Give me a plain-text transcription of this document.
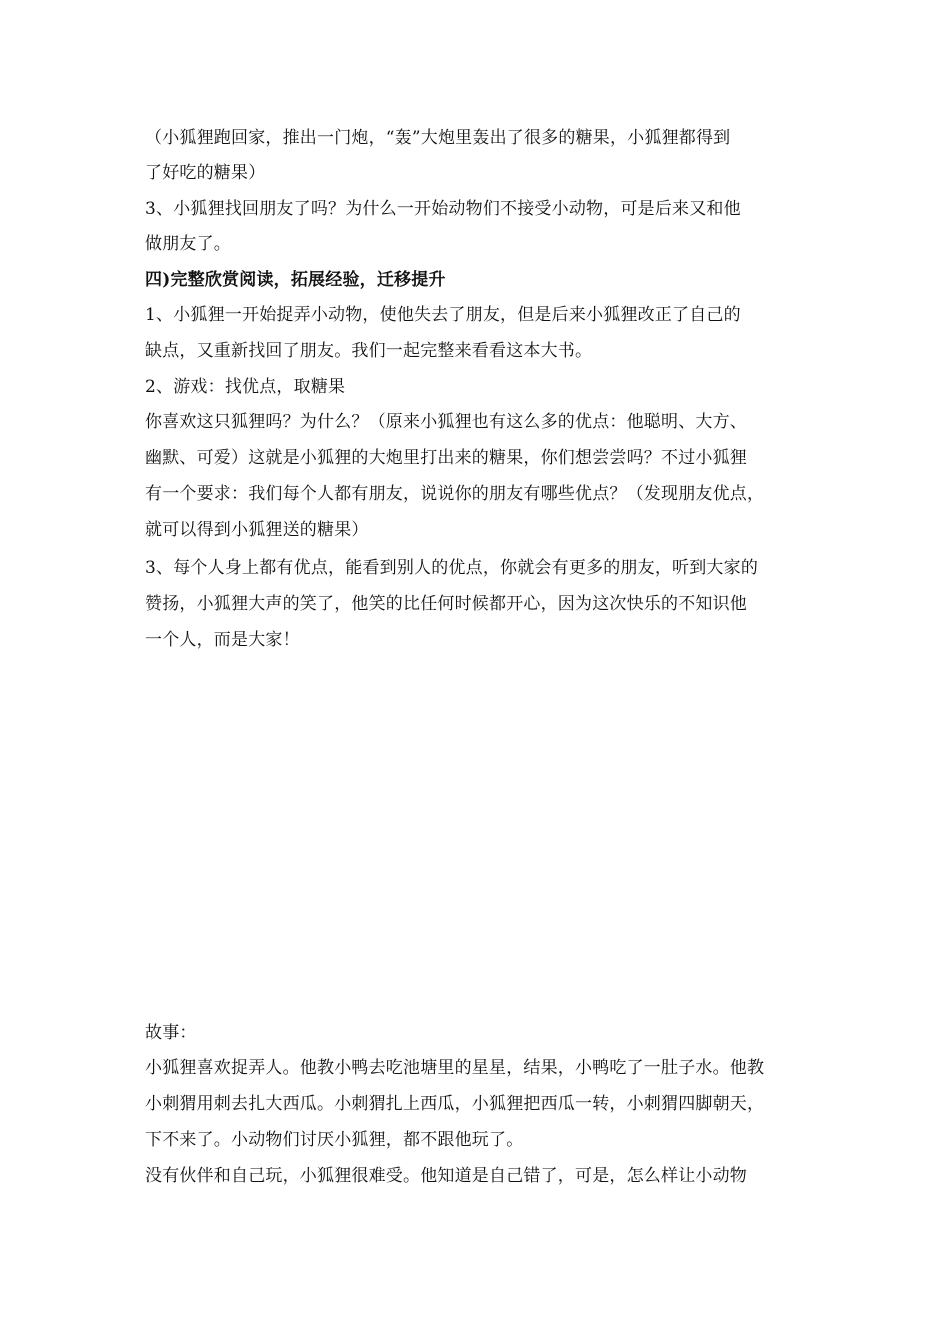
（小狐狸跑回家，推出一门炮，“轰”大炮里轰出了很多的糖果，小狐狸都得到
了好吃的糖果）
3、小狐狸找回朋友了吗？为什么一开始动物们不接受小动物，可是后来又和他
做朋友了。
四)完整欣赏阅读，拓展经验，迁移提升
1、小狐狸一开始捉弄小动物，使他失去了朋友，但是后来小狐狸改正了自己的
缺点，又重新找回了朋友。我们一起完整来看看这本大书。
2、游戏：找优点，取糖果
你喜欢这只狐狸吗？为什么？（原来小狐狸也有这么多的优点：他聪明、大方、
幽默、可爱）这就是小狐狸的大炮里打出来的糖果，你们想尝尝吗？不过小狐狸
有一个要求：我们每个人都有朋友，说说你的朋友有哪些优点？（发现朋友优点，
就可以得到小狐狸送的糖果）
3、每个人身上都有优点，能看到别人的优点，你就会有更多的朋友，听到大家的
赞扬，小狐狸大声的笑了，他笑的比任何时候都开心，因为这次快乐的不知识他
一个人，而是大家！
故事：
小狐狸喜欢捉弄人。他教小鸭去吃池塘里的星星，结果，小鸭吃了一肚子水。他教
小刺猬用刺去扎大西瓜。小刺猬扎上西瓜，小狐狸把西瓜一转，小刺猬四脚朝天，
下不来了。小动物们讨厌小狐狸，都不跟他玩了。
没有伙伴和自己玩，小狐狸很难受。他知道是自己错了，可是，怎么样让小动物
